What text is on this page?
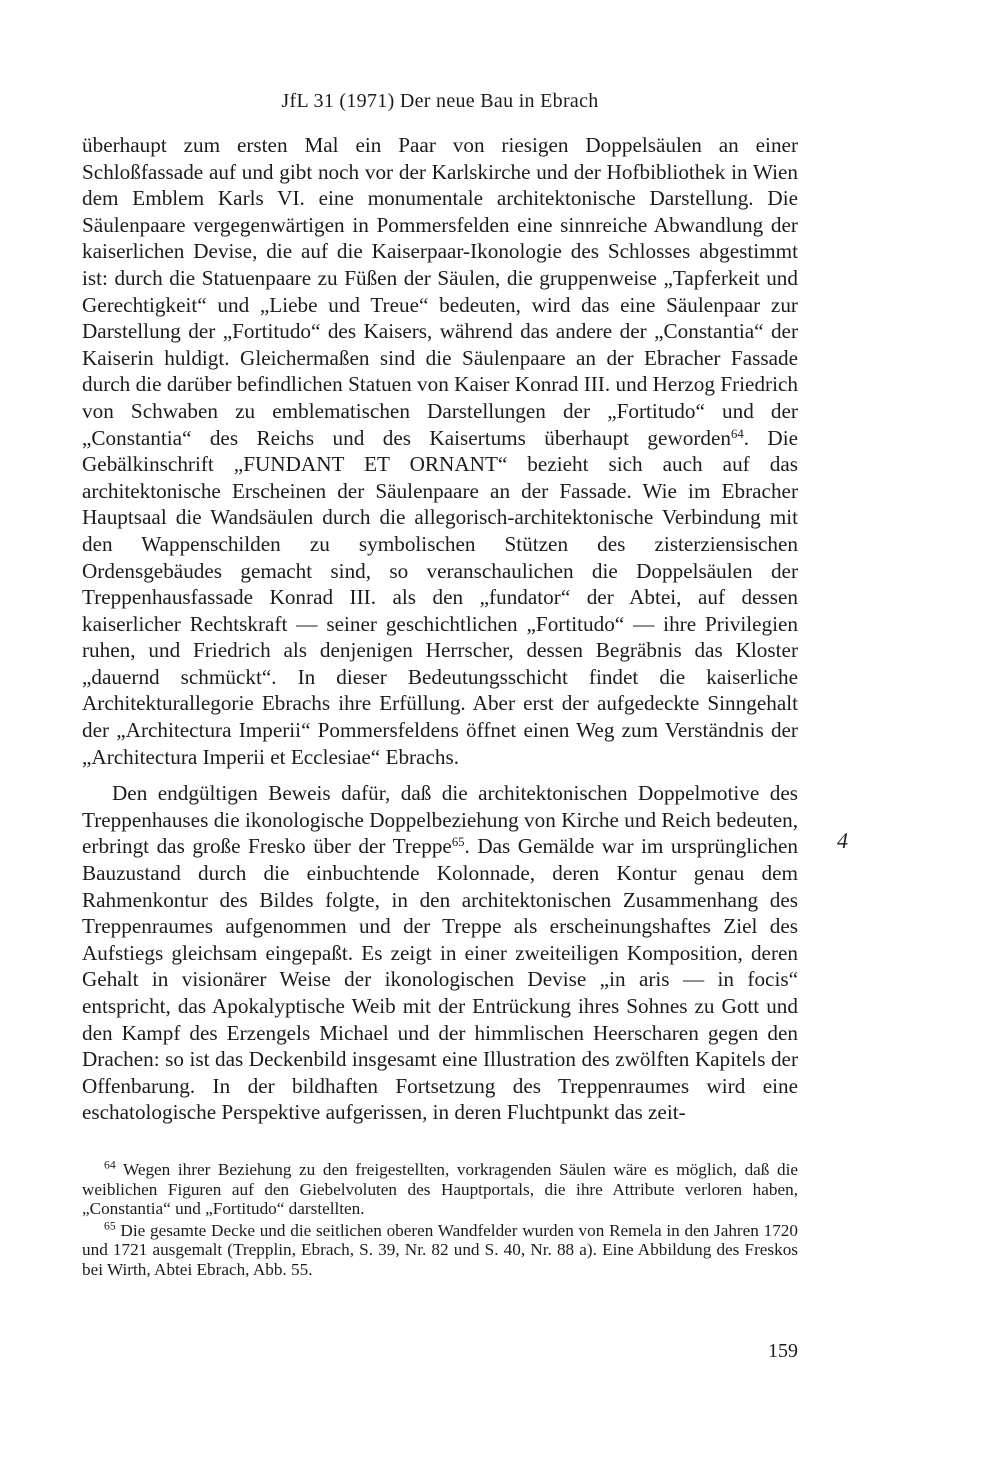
JfL 31 (1971) Der neue Bau in Ebrach

überhaupt zum ersten Mal ein Paar von riesigen Doppelsäulen an einer Schloßfassade auf und gibt noch vor der Karlskirche und der Hofbibliothek in Wien dem Emblem Karls VI. eine monumentale architektonische Darstellung. Die Säulenpaare vergegenwärtigen in Pommersfelden eine sinnreiche Abwandlung der kaiserlichen Devise, die auf die Kaiserpaar-Ikonologie des Schlosses abgestimmt ist: durch die Statuenpaare zu Füßen der Säulen, die gruppenweise „Tapferkeit und Gerechtigkeit“ und „Liebe und Treue“ bedeuten, wird das eine Säulenpaar zur Darstellung der „Fortitudo“ des Kaisers, während das andere der „Constantia“ der Kaiserin huldigt. Gleichermaßen sind die Säulenpaare an der Ebracher Fassade durch die darüber befindlichen Statuen von Kaiser Konrad III. und Herzog Friedrich von Schwaben zu emblematischen Darstellungen der „Fortitudo“ und der „Constantia“ des Reichs und des Kaisertums überhaupt geworden$^{64}$. Die Gebälkinschrift „FUNDANT ET ORNANT“ bezieht sich auch auf das architektonische Erscheinen der Säulenpaare an der Fassade. Wie im Ebracher Hauptsaal die Wandsäulen durch die allegorisch-architektonische Verbindung mit den Wappenschilden zu symbolischen Stützen des zisterziensischen Ordensgebäudes gemacht sind, so veranschaulichen die Doppelsäulen der Treppenhausfassade Konrad III. als den „fundator“ der Abtei, auf dessen kaiserlicher Rechtskraft — seiner geschichtlichen „Fortitudo“ — ihre Privilegien ruhen, und Friedrich als denjenigen Herrscher, dessen Begräbnis das Kloster „dauernd schmückt“. In dieser Bedeutungsschicht findet die kaiserliche Architekturallegorie Ebrachs ihre Erfüllung. Aber erst der aufgedeckte Sinngehalt der „Architectura Imperii“ Pommersfeldens öffnet einen Weg zum Verständnis der „Architectura Imperii et Ecclesiae“ Ebrachs.

Den endgültigen Beweis dafür, daß die architektonischen Doppelmotive des Treppenhauses die ikonologische Doppelbeziehung von Kirche und Reich bedeuten, erbringt das große Fresko über der Treppe$^{65}$. Das Gemälde war im ursprünglichen Bauzustand durch die einbuchtende Kolonnade, deren Kontur genau dem Rahmenkontur des Bildes folgte, in den architektonischen Zusammenhang des Treppenraumes aufgenommen und der Treppe als erscheinungshaftes Ziel des Aufstiegs gleichsam eingepaßt. Es zeigt in einer zweiteiligen Komposition, deren Gehalt in visionärer Weise der ikonologischen Devise „in aris — in focis“ entspricht, das Apokalyptische Weib mit der Entrückung ihres Sohnes zu Gott und den Kampf des Erzengels Michael und der himmlischen Heerscharen gegen den Drachen: so ist das Deckenbild insgesamt eine Illustration des zwölften Kapitels der Offenbarung. In der bildhaften Fortsetzung des Treppenraumes wird eine eschatologische Perspektive aufgerissen, in deren Fluchtpunkt das zeit-

4

$^{64}$ Wegen ihrer Beziehung zu den freigestellten, vorkragenden Säulen wäre es möglich, daß die weiblichen Figuren auf den Giebelvoluten des Hauptportals, die ihre Attribute verloren haben, „Constantia“ und „Fortitudo“ darstellten.

$^{65}$ Die gesamte Decke und die seitlichen oberen Wandfelder wurden von Remela in den Jahren 1720 und 1721 ausgemalt (Trepplin, Ebrach, S. 39, Nr. 82 und S. 40, Nr. 88 a). Eine Abbildung des Freskos bei Wirth, Abtei Ebrach, Abb. 55.

159
